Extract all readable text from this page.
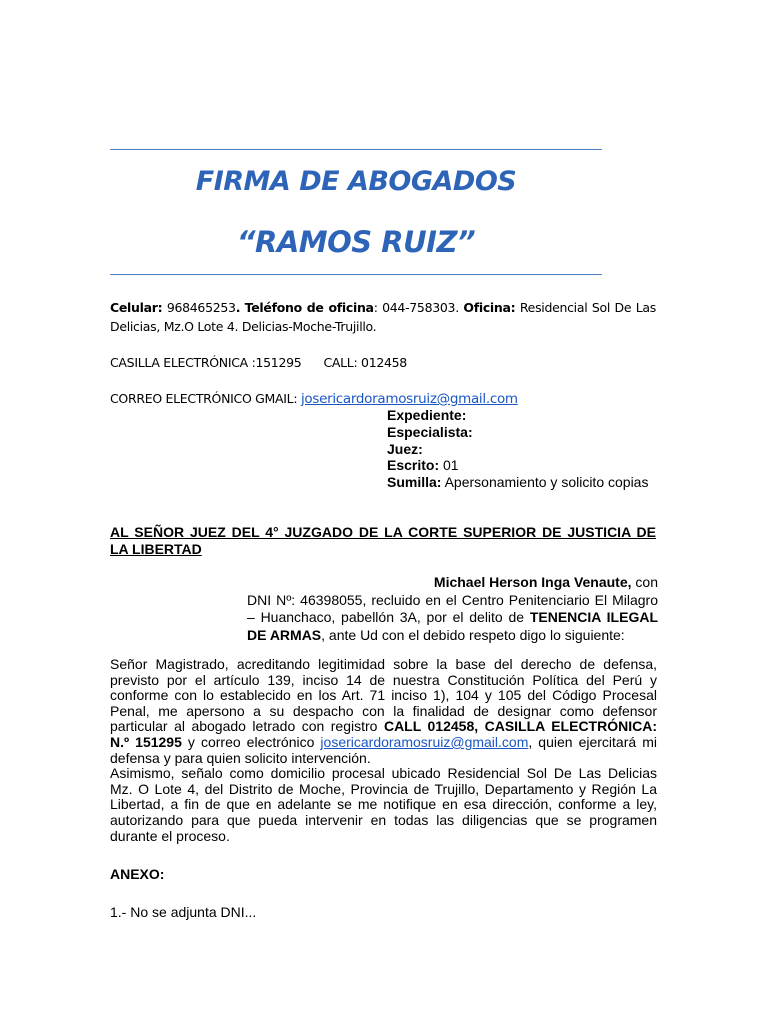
FIRMA DE ABOGADOS
“RAMOS RUIZ”
Celular: 968465253. Teléfono de oficina: 044-758303. Oficina: Residencial Sol De Las
Delicias, Mz.O Lote 4. Delicias-Moche-Trujillo.
CASILLA ELECTRÓNICA :151295      CALL: 012458
CORREO ELECTRÓNICO GMAIL: josericardoramosruiz@gmail.com
Expediente:
Especialista:
Juez:
Escrito: 01
Sumilla: Apersonamiento y solicito copias
AL SEÑOR JUEZ DEL 4° JUZGADO DE LA CORTE SUPERIOR DE JUSTICIA DE
LA LIBERTAD
Michael Herson Inga Venaute, con
DNI Nº: 46398055, recluido en el Centro Penitenciario El Milagro
– Huanchaco, pabellón 3A, por el delito de TENENCIA ILEGAL
DE ARMAS, ante Ud con el debido respeto digo lo siguiente:
Señor Magistrado, acreditando legitimidad sobre la base del derecho de defensa,
previsto por el artículo 139, inciso 14 de nuestra Constitución Política del Perú y
conforme con lo establecido en los Art. 71 inciso 1), 104 y 105 del Código Procesal
Penal, me apersono a su despacho con la finalidad de designar como defensor
particular al abogado letrado con registro CALL 012458, CASILLA ELECTRÓNICA:
N.º 151295 y correo electrónico josericardoramosruiz@gmail.com, quien ejercitará mi
defensa y para quien solicito intervención.
Asimismo, señalo como domicilio procesal ubicado Residencial Sol De Las Delicias
Mz. O Lote 4, del Distrito de Moche, Provincia de Trujillo, Departamento y Región La
Libertad, a fin de que en adelante se me notifique en esa dirección, conforme a ley,
autorizando para que pueda intervenir en todas las diligencias que se programen
durante el proceso.
ANEXO:
1.- No se adjunta DNI...
